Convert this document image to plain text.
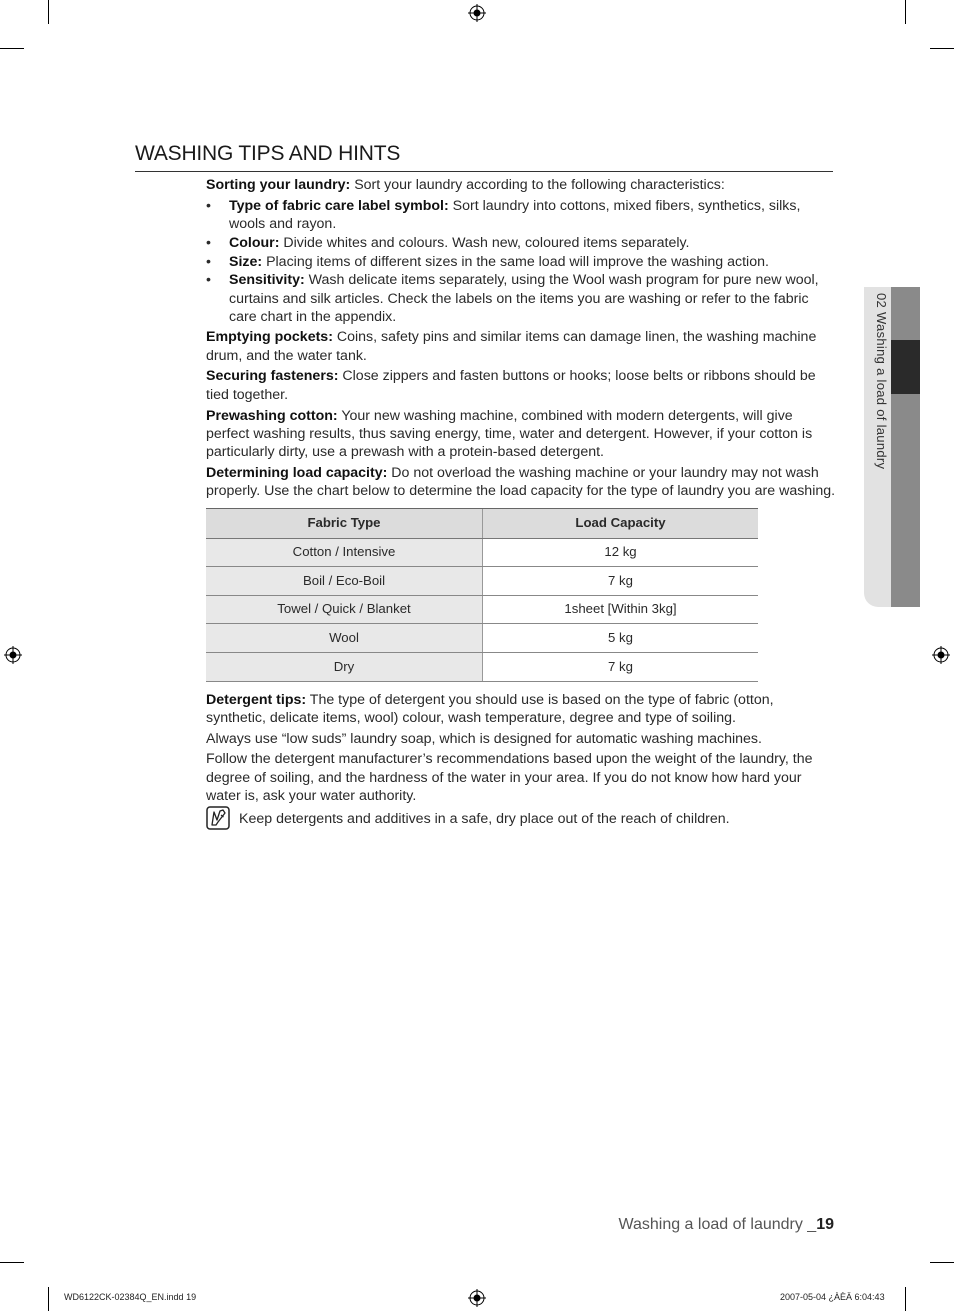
02 Washing a load of laundry
WASHING TIPS AND HINTS

Sorting your laundry: Sort your laundry according to the following characteristics:

• Type of fabric care label symbol: Sort laundry into cottons, mixed fibers, synthetics, silks, wools and rayon.
• Colour: Divide whites and colours. Wash new, coloured items separately.
• Size: Placing items of different sizes in the same load will improve the washing action.
• Sensitivity: Wash delicate items separately, using the Wool wash program for pure new wool, curtains and silk articles. Check the labels on the items you are washing or refer to the fabric care chart in the appendix.

Emptying pockets: Coins, safety pins and similar items can damage linen, the washing machine drum, and the water tank.

Securing fasteners: Close zippers and fasten buttons or hooks; loose belts or ribbons should be tied together.

Prewashing cotton: Your new washing machine, combined with modern detergents, will give perfect washing results, thus saving energy, time, water and detergent. However, if your cotton is particularly dirty, use a prewash with a protein-based detergent.

Determining load capacity: Do not overload the washing machine or your laundry may not wash properly. Use the chart below to determine the load capacity for the type of laundry you are washing.

Fabric Type	Load Capacity
Cotton / Intensive	12 kg
Boil / Eco-Boil	7 kg
Towel / Quick / Blanket	1sheet [Within 3kg]
Wool	5 kg
Dry	7 kg

Detergent tips: The type of detergent you should use is based on the type of fabric (otton, synthetic, delicate items, wool) colour, wash temperature, degree and type of soiling.

Always use “low suds” laundry soap, which is designed for automatic washing machines.

Follow the detergent manufacturer’s recommendations based upon the weight of the laundry, the degree of soiling, and the hardness of the water in your area. If you do not know how hard your water is, ask your water authority.

Keep detergents and additives in a safe, dry place out of the reach of children.
Washing a load of laundry _19
WD6122CK-02384Q_EN.indd 19	2007-05-04 ¿ÀÈÄ 6:04:43
